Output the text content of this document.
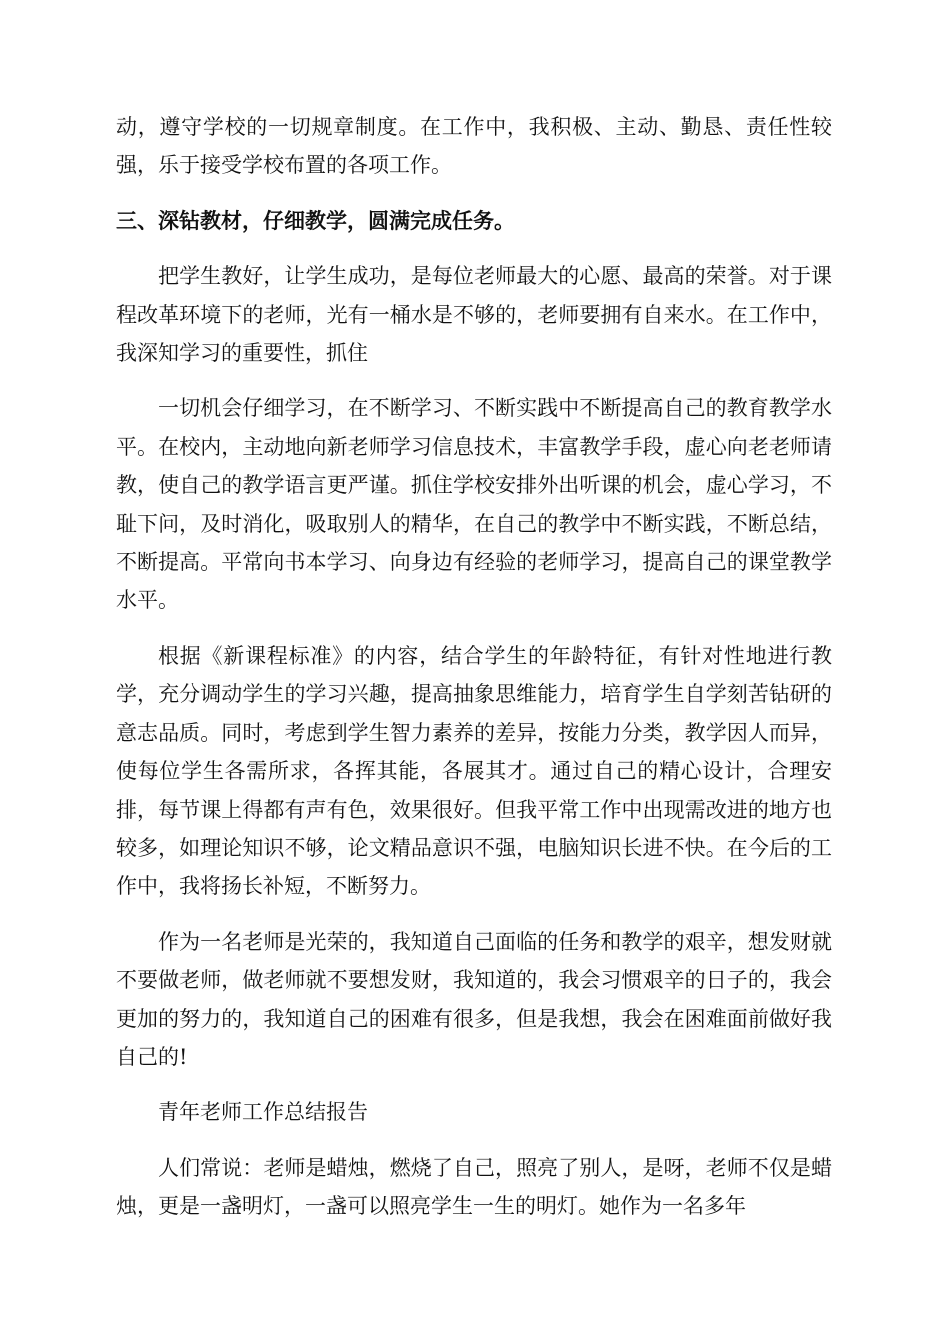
动，遵守学校的一切规章制度。在工作中，我积极、主动、勤恳、责任性较强，乐于接受学校布置的各项工作。

三、深钻教材，仔细教学，圆满完成任务。

把学生教好，让学生成功，是每位老师最大的心愿、最高的荣誉。对于课程改革环境下的老师，光有一桶水是不够的，老师要拥有自来水。在工作中，我深知学习的重要性，抓住

一切机会仔细学习，在不断学习、不断实践中不断提高自己的教育教学水平。在校内，主动地向新老师学习信息技术，丰富教学手段，虚心向老老师请教，使自己的教学语言更严谨。抓住学校安排外出听课的机会，虚心学习，不耻下问，及时消化，吸取别人的精华，在自己的教学中不断实践，不断总结，不断提高。平常向书本学习、向身边有经验的老师学习，提高自己的课堂教学水平。

根据《新课程标准》的内容，结合学生的年龄特征，有针对性地进行教学，充分调动学生的学习兴趣，提高抽象思维能力，培育学生自学刻苦钻研的意志品质。同时，考虑到学生智力素养的差异，按能力分类，教学因人而异，使每位学生各需所求，各挥其能，各展其才。通过自己的精心设计，合理安排，每节课上得都有声有色，效果很好。但我平常工作中出现需改进的地方也较多，如理论知识不够，论文精品意识不强，电脑知识长进不快。在今后的工作中，我将扬长补短，不断努力。

作为一名老师是光荣的，我知道自己面临的任务和教学的艰辛，想发财就不要做老师，做老师就不要想发财，我知道的，我会习惯艰辛的日子的，我会更加的努力的，我知道自己的困难有很多，但是我想，我会在困难面前做好我自己的!

青年老师工作总结报告

人们常说：老师是蜡烛，燃烧了自己，照亮了别人，是呀，老师不仅是蜡烛，更是一盏明灯，一盏可以照亮学生一生的明灯。她作为一名多年
